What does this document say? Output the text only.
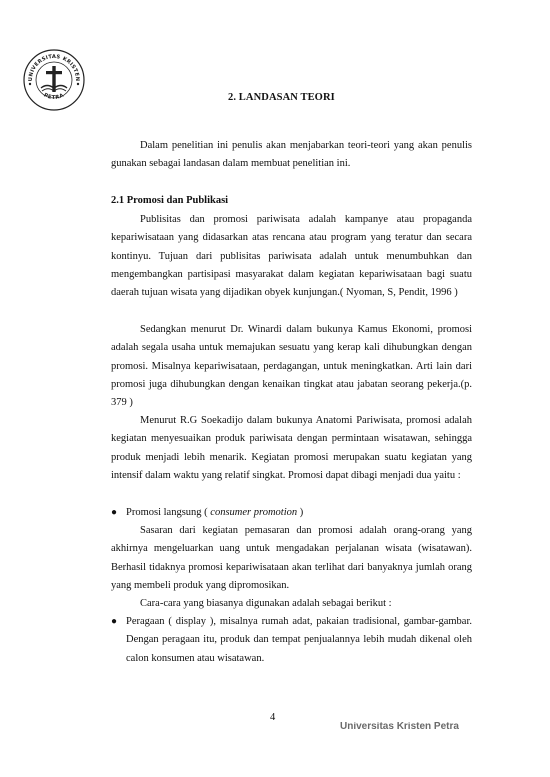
UNIVERSITAS KRISTEN
PETRA	2. LANDASAN TEORI

Dalam penelitian ini penulis akan menjabarkan teori-teori yang akan penulis gunakan sebagai landasan dalam membuat penelitian ini.

2.1 Promosi dan Publikasi

Publisitas dan promosi pariwisata adalah kampanye atau propaganda kepariwisataan yang didasarkan atas rencana atau program yang teratur dan secara kontinyu. Tujuan dari publisitas pariwisata adalah untuk menumbuhkan dan mengembangkan partisipasi masyarakat dalam kegiatan kepariwisataan bagi suatu daerah tujuan wisata yang dijadikan obyek kunjungan.( Nyoman, S, Pendit, 1996 )

Sedangkan menurut Dr. Winardi dalam bukunya Kamus Ekonomi, promosi adalah segala usaha untuk memajukan sesuatu yang kerap kali dihubungkan dengan promosi. Misalnya kepariwisataan, perdagangan, untuk meningkatkan. Arti lain dari promosi juga dihubungkan dengan kenaikan tingkat atau jabatan seorang pekerja.(p. 379 )

Menurut R.G Soekadijo dalam bukunya Anatomi Pariwisata, promosi adalah kegiatan menyesuaikan produk pariwisata dengan permintaan wisatawan, sehingga produk menjadi lebih menarik. Kegiatan promosi merupakan suatu kegiatan yang intensif dalam waktu yang relatif singkat. Promosi dapat dibagi menjadi dua yaitu :

● Promosi langsung ( consumer promotion )

Sasaran dari kegiatan pemasaran dan promosi adalah orang-orang yang akhirnya mengeluarkan uang untuk mengadakan perjalanan wisata (wisatawan). Berhasil tidaknya promosi kepariwisataan akan terlihat dari banyaknya jumlah orang yang membeli produk yang dipromosikan.

Cara-cara yang biasanya digunakan adalah sebagai berikut :

● Peragaan ( display ), misalnya rumah adat, pakaian tradisional, gambar-gambar. Dengan peragaan itu, produk dan tempat penjualannya lebih mudah dikenal oleh calon konsumen atau wisatawan.

4

Universitas Kristen Petra
